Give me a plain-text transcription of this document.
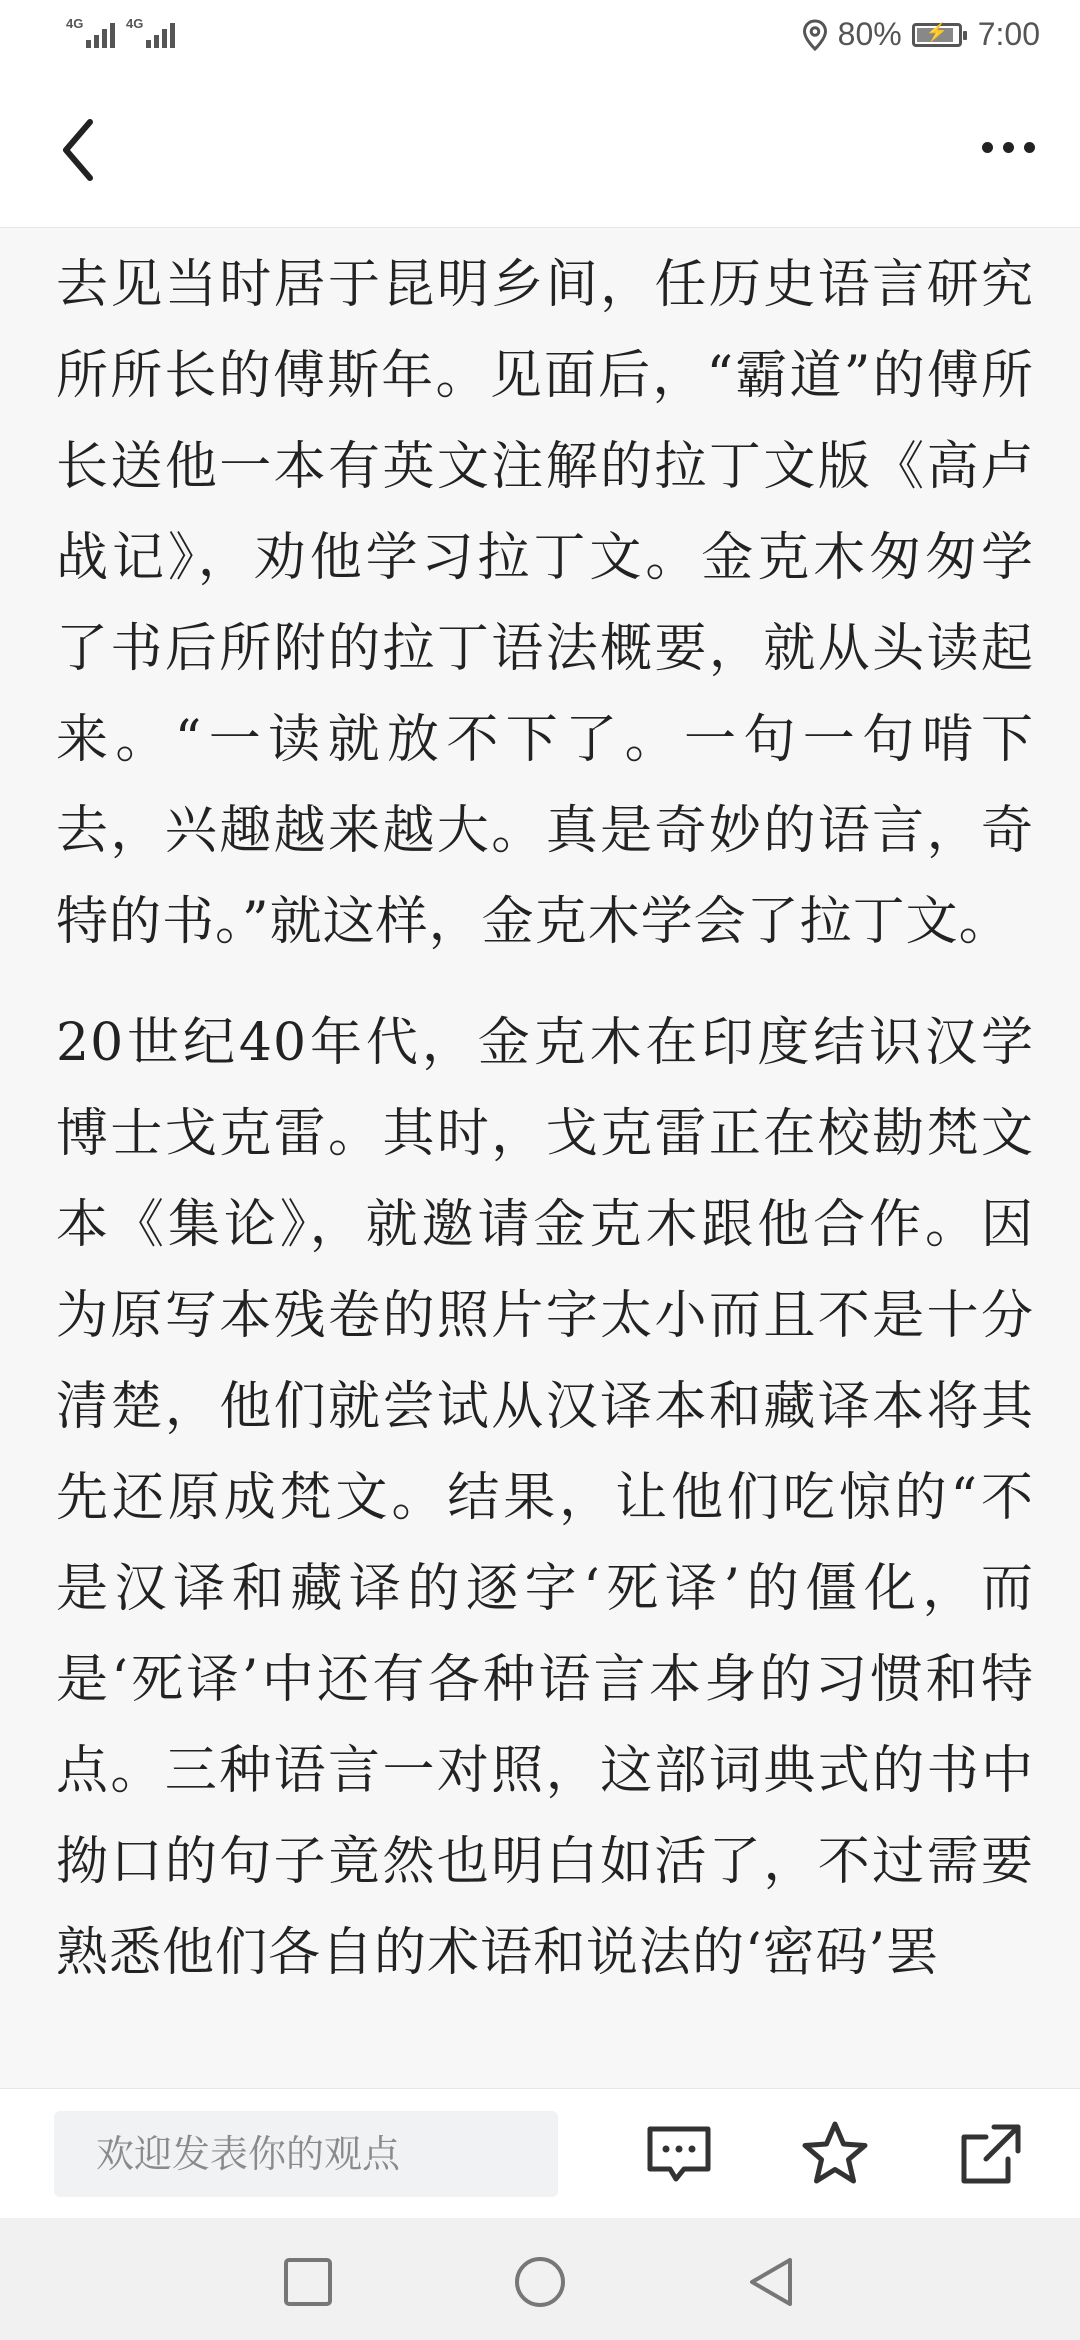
4G	4G	80%	⚡ 7:00

去见当时居于昆明乡间，任历史语言研究所所长的傅斯年。见面后，“霸道”的傅所长送他一本有英文注解的拉丁文版《高卢战记》，劝他学习拉丁文。金克木匆匆学了书后所附的拉丁语法概要，就从头读起来。“一读就放不下了。一句一句啃下去，兴趣越来越大。真是奇妙的语言，奇特的书。”就这样，金克木学会了拉丁文。

20世纪40年代，金克木在印度结识汉学博士戈克雷。其时，戈克雷正在校勘梵文本《集论》，就邀请金克木跟他合作。因为原写本残卷的照片字太小而且不是十分清楚，他们就尝试从汉译本和藏译本将其先还原成梵文。结果，让他们吃惊的“不是汉译和藏译的逐字‘死译’的僵化，而是‘死译’中还有各种语言本身的习惯和特点。三种语言一对照，这部词典式的书中拗口的句子竟然也明白如活了，不过需要熟悉他们各自的术语和说法的‘密码’罢

欢迎发表你的观点
